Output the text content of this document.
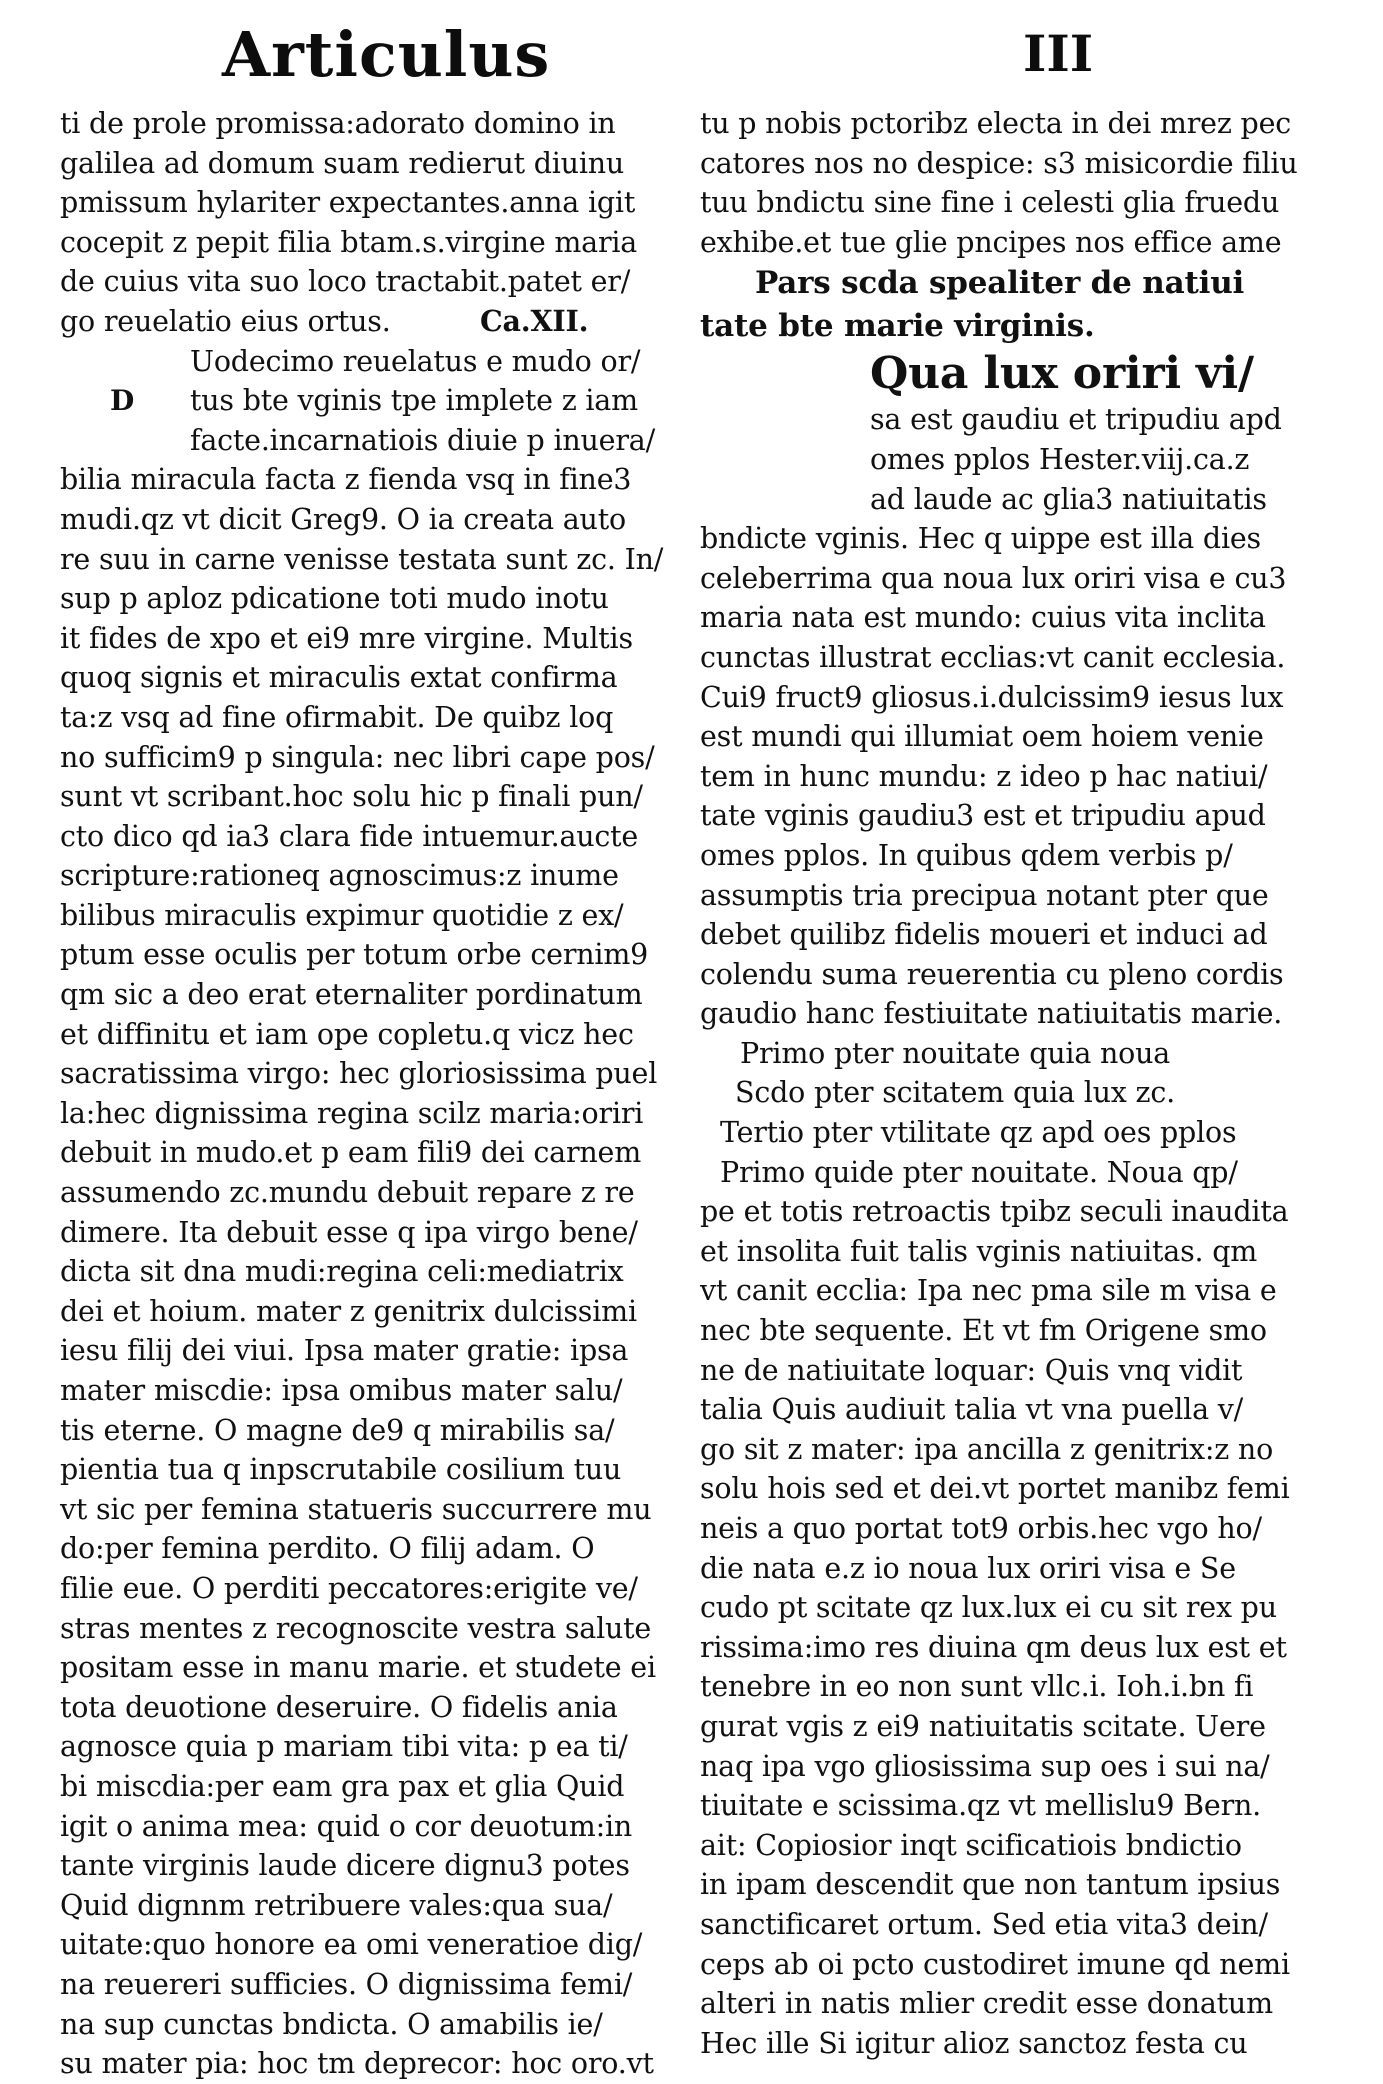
Articulus	III
ti de prole promissa:adorato domino in
galilea ad domum suam redierut diuinu
pmissum hylariter expectantes.anna igit
cocepit z pepit filia btam.s.virgine maria
de cuius vita suo loco tractabit.patet er/
go reuelatio eius ortus.	Ca.XII.
Uodecimo reuelatus e mudo or/
D tus bte vginis tpe implete z iam
facte.incarnatiois diuie p inuera/
bilia miracula facta z fienda vsq in fine3
mudi.qz vt dicit Greg9. O ia creata auto
re suu in carne venisse testata sunt zc. In/
sup p aploz pdicatione toti mudo inotu
it fides de xpo et ei9 mre virgine. Multis
quoq signis et miraculis extat confirma
ta:z vsq ad fine ofirmabit. De quibz loq
no sufficim9 p singula: nec libri cape pos/
sunt vt scribant.hoc solu hic p finali pun/
cto dico qd ia3 clara fide intuemur.aucte
scripture:rationeq agnoscimus:z inume
bilibus miraculis expimur quotidie z ex/
ptum esse oculis per totum orbe cernim9
qm sic a deo erat eternaliter pordinatum
et diffinitu et iam ope copletu.q vicz hec
sacratissima virgo: hec gloriosissima puel
la:hec dignissima regina scilz maria:oriri
debuit in mudo.et p eam fili9 dei carnem
assumendo zc.mundu debuit repare z re
dimere. Ita debuit esse q ipa virgo bene/
dicta sit dna mudi:regina celi:mediatrix
dei et hoium. mater z genitrix dulcissimi
iesu filij dei viui. Ipsa mater gratie: ipsa
mater miscdie: ipsa omibus mater salu/
tis eterne. O magne de9 q mirabilis sa/
pientia tua q inpscrutabile cosilium tuu
vt sic per femina statueris succurrere mu
do:per femina perdito. O filij adam. O
filie eue. O perditi peccatores:erigite ve/
stras mentes z recognoscite vestra salute
positam esse in manu marie. et studete ei
tota deuotione deseruire. O fidelis ania
agnosce quia p mariam tibi vita: p ea ti/
bi miscdia:per eam gra pax et glia Quid
igit o anima mea: quid o cor deuotum:in
tante virginis laude dicere dignu3 potes
Quid dignnm retribuere vales:qua sua/
uitate:quo honore ea omi veneratioe dig/
na reuereri sufficies. O dignissima femi/
na sup cunctas bndicta. O amabilis ie/
su mater pia: hoc tm deprecor: hoc oro.vt
tu p nobis pctoribz electa in dei mrez pec
catores nos no despice: s3 misicordie filiu
tuu bndictu sine fine i celesti glia fruedu
exhibe.et tue glie pncipes nos effice ame
Pars scda spealiter de natiui
tate bte marie virginis.
Qua lux oriri vi/
sa est gaudiu et tripudiu apd
omes pplos Hester.viij.ca.z
ad laude ac glia3 natiuitatis
bndicte vginis. Hec q uippe est illa dies
celeberrima qua noua lux oriri visa e cu3
maria nata est mundo: cuius vita inclita
cunctas illustrat ecclias:vt canit ecclesia.
Cui9 fruct9 gliosus.i.dulcissim9 iesus lux
est mundi qui illumiat oem hoiem venie
tem in hunc mundu: z ideo p hac natiui/
tate vginis gaudiu3 est et tripudiu apud
omes pplos. In quibus qdem verbis p/
assumptis tria precipua notant pter que
debet quilibz fidelis moueri et induci ad
colendu suma reuerentia cu pleno cordis
gaudio hanc festiuitate natiuitatis marie.
Primo pter nouitate quia noua
Scdo pter scitatem quia lux zc.
Tertio pter vtilitate qz apd oes pplos
Primo quide pter nouitate. Noua qp/
pe et totis retroactis tpibz seculi inaudita
et insolita fuit talis vginis natiuitas. qm
vt canit ecclia: Ipa nec pma sile m visa e
nec bte sequente. Et vt fm Origene smo
ne de natiuitate loquar: Quis vnq vidit
talia Quis audiuit talia vt vna puella v/
go sit z mater: ipa ancilla z genitrix:z no
solu hois sed et dei.vt portet manibz femi
neis a quo portat tot9 orbis.hec vgo ho/
die nata e.z io noua lux oriri visa e Se
cudo pt scitate qz lux.lux ei cu sit rex pu
rissima:imo res diuina qm deus lux est et
tenebre in eo non sunt vllc.i. Ioh.i.bn fi
gurat vgis z ei9 natiuitatis scitate. Uere
naq ipa vgo gliosissima sup oes i sui na/
tiuitate e scissima.qz vt mellislu9 Bern.
ait: Copiosior inqt scificatiois bndictio
in ipam descendit que non tantum ipsius
sanctificaret ortum. Sed etia vita3 dein/
ceps ab oi pcto custodiret imune qd nemi
alteri in natis mlier credit esse donatum
Hec ille Si igitur alioz sanctoz festa cu
